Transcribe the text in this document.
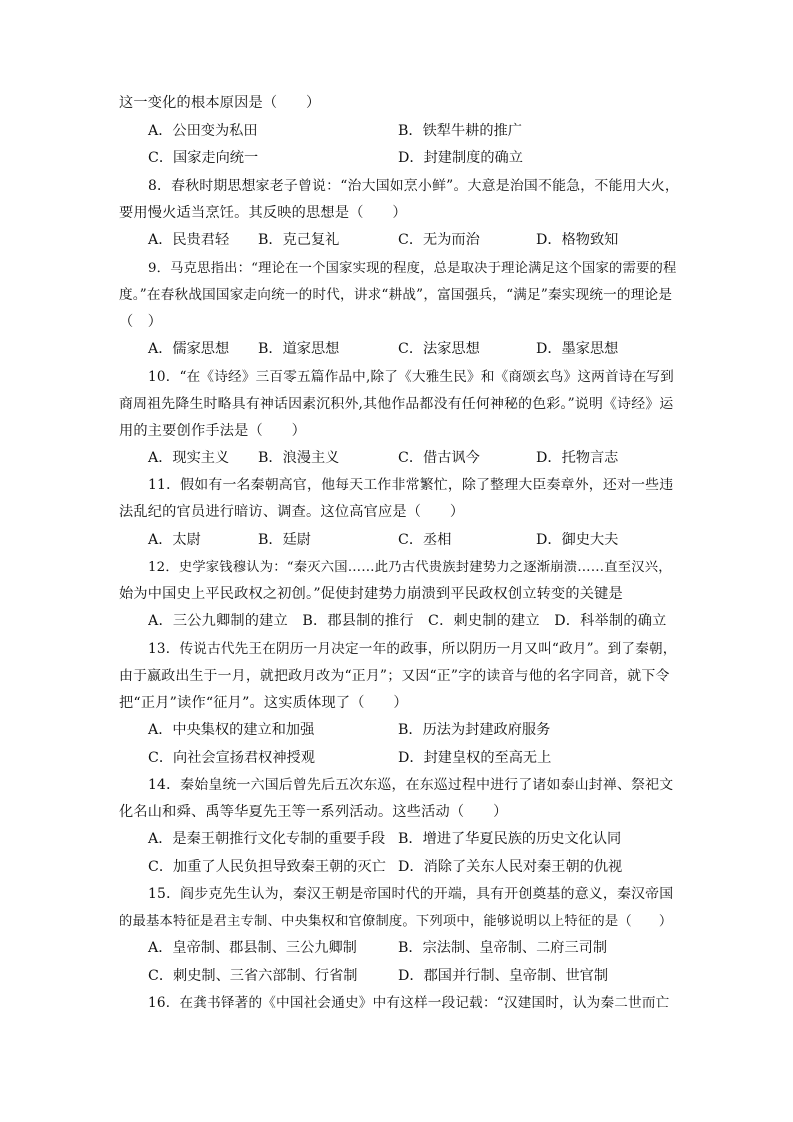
这一变化的根本原因是（　　）
A．公田变为私田	B．铁犁牛耕的推广
C．国家走向统一	D．封建制度的确立
8．春秋时期思想家老子曾说：“治大国如烹小鲜”。大意是治国不能急，不能用大火，
要用慢火适当烹饪。其反映的思想是（　　）
A．民贵君轻 B．克己复礼	C．无为而治	D．格物致知
9．马克思指出：“理论在一个国家实现的程度，总是取决于理论满足这个国家的需要的程
度。”在春秋战国国家走向统一的时代，讲求“耕战”，富国强兵，“满足”秦实现统一的理论是
（　）
A．儒家思想 B．道家思想	C．法家思想	D．墨家思想
10．“在《诗经》三百零五篇作品中,除了《大雅生民》和《商颂玄鸟》这两首诗在写到
商周祖先降生时略具有神话因素沉积外,其他作品都没有任何神秘的色彩。”说明《诗经》运
用的主要创作手法是（　　）
A．现实主义 B．浪漫主义	C．借古讽今	D．托物言志
11．假如有一名秦朝高官，他每天工作非常繁忙，除了整理大臣奏章外，还对一些违
法乱纪的官员进行暗访、调查。这位高官应是（　　）
A．太尉	B．廷尉	C．丞相	D．御史大夫
12．史学家钱穆认为：“秦灭六国……此乃古代贵族封建势力之逐渐崩溃……直至汉兴，
始为中国史上平民政权之初创。”促使封建势力崩溃到平民政权创立转变的关键是
A．三公九卿制的建立　B．郡县制的推行　C．刺史制的建立　D．科举制的确立
13．传说古代先王在阴历一月决定一年的政事，所以阴历一月又叫“政月”。到了秦朝，
由于嬴政出生于一月，就把政月改为“正月”；又因“正”字的读音与他的名字同音，就下令
把“正月”读作“征月”。这实质体现了（　　）
A．中央集权的建立和加强	B．历法为封建政府服务
C．向社会宣扬君权神授观	D．封建皇权的至高无上
14．秦始皇统一六国后曾先后五次东巡，在东巡过程中进行了诸如泰山封禅、祭祀文
化名山和舜、禹等华夏先王等一系列活动。这些活动（　　）
A．是秦王朝推行文化专制的重要手段 B．增进了华夏民族的历史文化认同
C．加重了人民负担导致秦王朝的灭亡 D．消除了关东人民对秦王朝的仇视
15．阎步克先生认为，秦汉王朝是帝国时代的开端，具有开创奠基的意义，秦汉帝国
的最基本特征是君主专制、中央集权和官僚制度。下列项中，能够说明以上特征的是（　　）
A．皇帝制、郡县制、三公九卿制	B．宗法制、皇帝制、二府三司制
C．刺史制、三省六部制、行省制	D．郡国并行制、皇帝制、世官制
16．在龚书铎著的《中国社会通史》中有这样一段记载：“汉建国时，认为秦二世而亡
